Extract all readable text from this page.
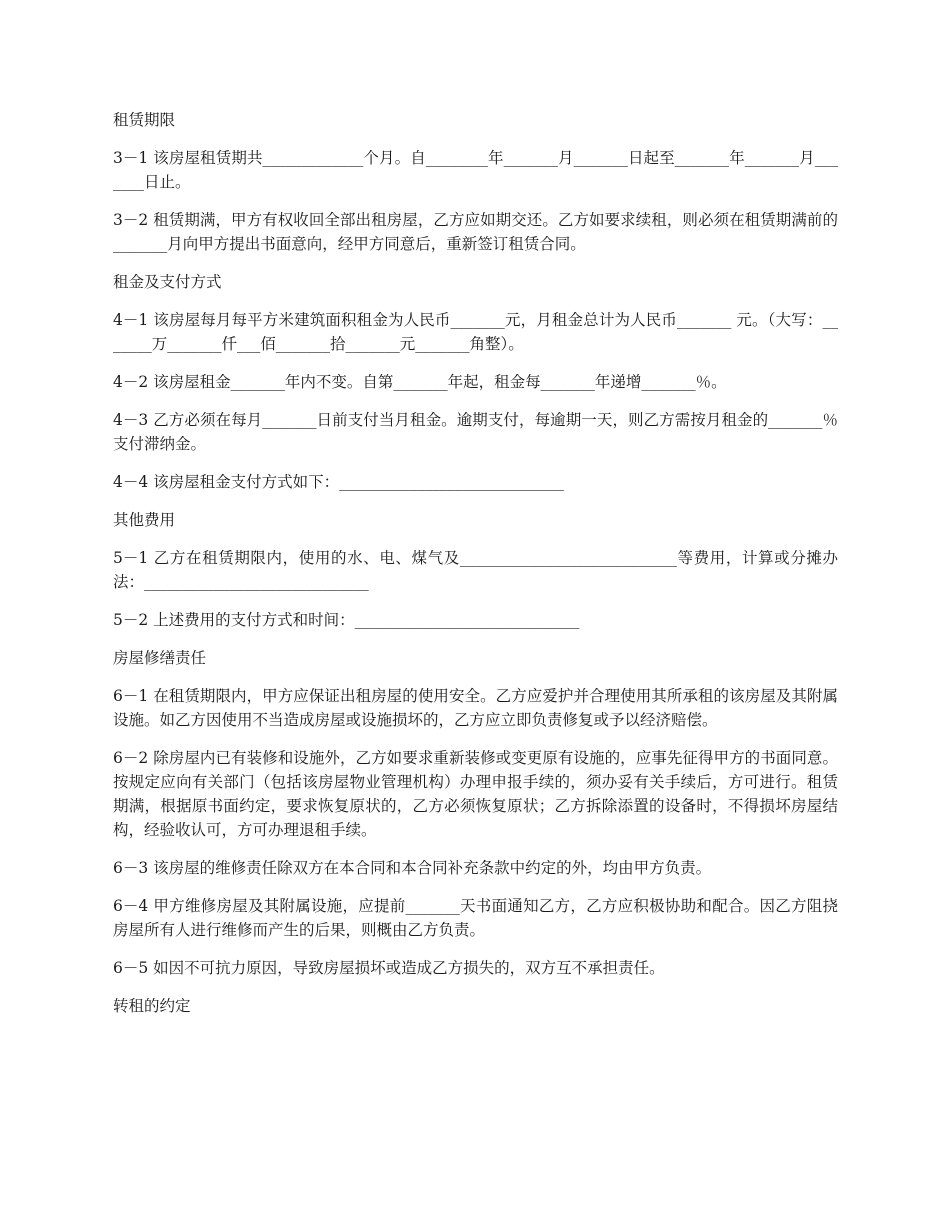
租赁期限
3－1 该房屋租赁期共_____________个月。自________年_______月_______日起至_______年_______月_______日止。
3－2 租赁期满，甲方有权收回全部出租房屋，乙方应如期交还。乙方如要求续租，则必须在租赁期满前的_______月向甲方提出书面意向，经甲方同意后，重新签订租赁合同。
租金及支付方式
4－1 该房屋每月每平方米建筑面积租金为人民币_______元，月租金总计为人民币_______ 元。（大写：_______万_______仟___佰_______拾_______元_______角整）。
4－2 该房屋租金_______年内不变。自第_______年起，租金每_______年递增_______％。
4－3 乙方必须在每月_______日前支付当月租金。逾期支付，每逾期一天，则乙方需按月租金的_______％支付滞纳金。
4－4 该房屋租金支付方式如下：_____________________________
其他费用
5－1 乙方在租赁期限内，使用的水、电、煤气及____________________________等费用，计算或分摊办法：_____________________________
5－2 上述费用的支付方式和时间：_____________________________
房屋修缮责任
6－1 在租赁期限内，甲方应保证出租房屋的使用安全。乙方应爱护并合理使用其所承租的该房屋及其附属设施。如乙方因使用不当造成房屋或设施损坏的，乙方应立即负责修复或予以经济赔偿。
6－2 除房屋内已有装修和设施外，乙方如要求重新装修或变更原有设施的，应事先征得甲方的书面同意。按规定应向有关部门（包括该房屋物业管理机构）办理申报手续的，须办妥有关手续后，方可进行。租赁期满，根据原书面约定，要求恢复原状的，乙方必须恢复原状；乙方拆除添置的设备时，不得损坏房屋结构，经验收认可，方可办理退租手续。
6－3 该房屋的维修责任除双方在本合同和本合同补充条款中约定的外，均由甲方负责。
6－4 甲方维修房屋及其附属设施，应提前_______天书面通知乙方，乙方应积极协助和配合。因乙方阻挠房屋所有人进行维修而产生的后果，则概由乙方负责。
6－5 如因不可抗力原因，导致房屋损坏或造成乙方损失的，双方互不承担责任。
转租的约定
